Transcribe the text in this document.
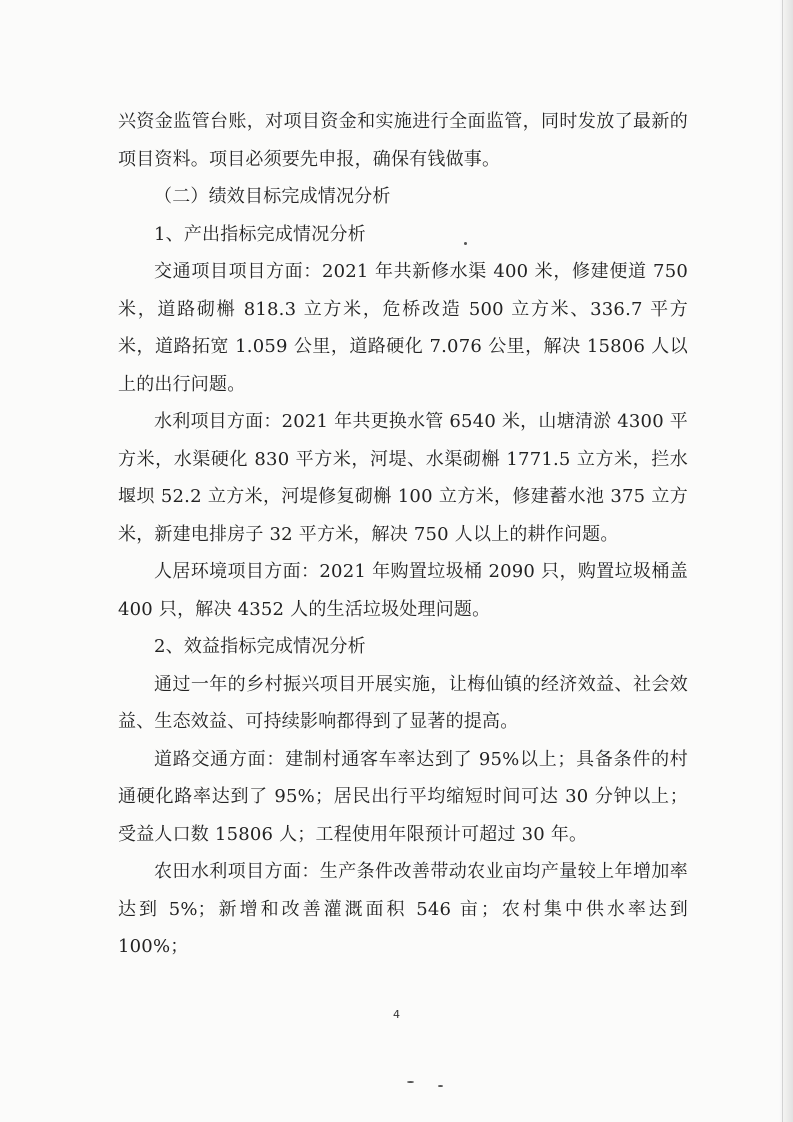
兴资金监管台账，对项目资金和实施进行全面监管，同时发放了最新的项目资料。项目必须要先申报，确保有钱做事。

（二）绩效目标完成情况分析

1、产出指标完成情况分析

交通项目项目方面：2021 年共新修水渠 400 米，修建便道 750 米，道路砌槲 818.3 立方米，危桥改造 500 立方米、336.7 平方米，道路拓宽 1.059 公里，道路硬化 7.076 公里，解决 15806 人以上的出行问题。

水利项目方面：2021 年共更换水管 6540 米，山塘清淤 4300 平方米，水渠硬化 830 平方米，河堤、水渠砌槲 1771.5 立方米，拦水堰坝 52.2 立方米，河堤修复砌槲 100 立方米，修建蓄水池 375 立方米，新建电排房子 32 平方米，解决 750 人以上的耕作问题。

人居环境项目方面：2021 年购置垃圾桶 2090 只，购置垃圾桶盖 400 只，解决 4352 人的生活垃圾处理问题。

2、效益指标完成情况分析

通过一年的乡村振兴项目开展实施，让梅仙镇的经济效益、社会效益、生态效益、可持续影响都得到了显著的提高。

道路交通方面：建制村通客车率达到了 95%以上；具备条件的村通硬化路率达到了 95%；居民出行平均缩短时间可达 30 分钟以上；受益人口数 15806 人；工程使用年限预计可超过 30 年。

农田水利项目方面：生产条件改善带动农业亩均产量较上年增加率达到 5%；新增和改善灌溉面积 546 亩；农村集中供水率达到 100%；

4
